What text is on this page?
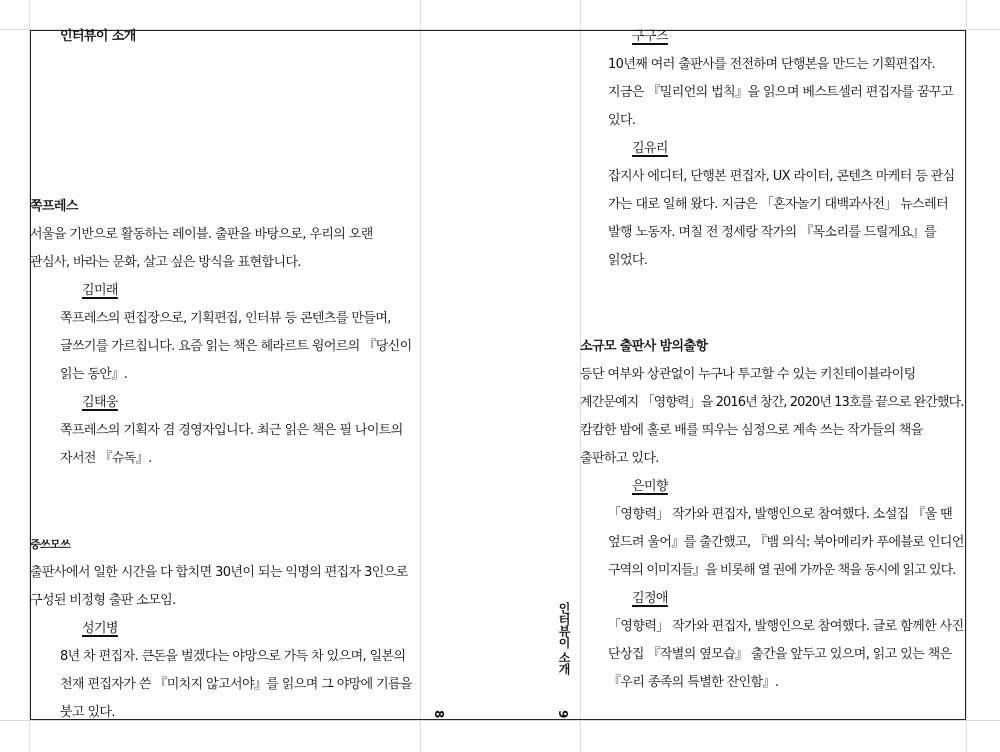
인터뷰이 소개
쪽프레스
서울을 기반으로 활동하는 레이블. 출판을 바탕으로, 우리의 오랜
관심사, 바라는 문화, 살고 싶은 방식을 표현합니다.
김미래
쪽프레스의 편집장으로, 기획편집, 인터뷰 등 콘텐츠를 만들며,
글쓰기를 가르칩니다. 요즘 읽는 책은 헤라르트 윙어르의 『당신이
읽는 동안』.
김태웅
쪽프레스의 기획자 겸 경영자입니다. 최근 읽은 책은 필 나이트의
자서전 『슈독』.
중쓰모쓰
출판사에서 일한 시간을 다 합치면 30년이 되는 익명의 편집자 3인으로
구성된 비정형 출판 소모임.
성기병
8년 차 편집자. 큰돈을 벌겠다는 야망으로 가득 차 있으며, 일본의
천재 편집자가 쓴 『미치지 않고서야』를 읽으며 그 야망에 기름을
붓고 있다.	8
인터뷰이 소개
9
구구즈
10년째 여러 출판사를 전전하며 단행본을 만드는 기획편집자.
지금은 『밀리언의 법칙』을 읽으며 베스트셀러 편집자를 꿈꾸고
있다.
김유리
잡지사 에디터, 단행본 편집자, UX 라이터, 콘텐츠 마케터 등 관심
가는 대로 일해 왔다. 지금은 「혼자놀기 대백과사전」 뉴스레터
발행 노동자. 며칠 전 정세랑 작가의 『목소리를 드릴게요』를
읽었다.
소규모 출판사 밤의출항
등단 여부와 상관없이 누구나 투고할 수 있는 키친테이블라이팅
계간문예지 「영향력」을 2016년 창간, 2020년 13호를 끝으로 완간했다.
캄캄한 밤에 홀로 배를 띄우는 심정으로 계속 쓰는 작가들의 책을
출판하고 있다.
은미향
「영향력」 작가와 편집자, 발행인으로 참여했다. 소설집 『울 땐
엎드려 울어』를 출간했고, 『뱀 의식: 북아메리카 푸에블로 인디언
구역의 이미지들』을 비롯해 열 권에 가까운 책을 동시에 읽고 있다.
김정애
「영향력」 작가와 편집자, 발행인으로 참여했다. 글로 함께한 사진
단상집 『작별의 옆모습』 출간을 앞두고 있으며, 읽고 있는 책은
『우리 종족의 특별한 잔인함』.
